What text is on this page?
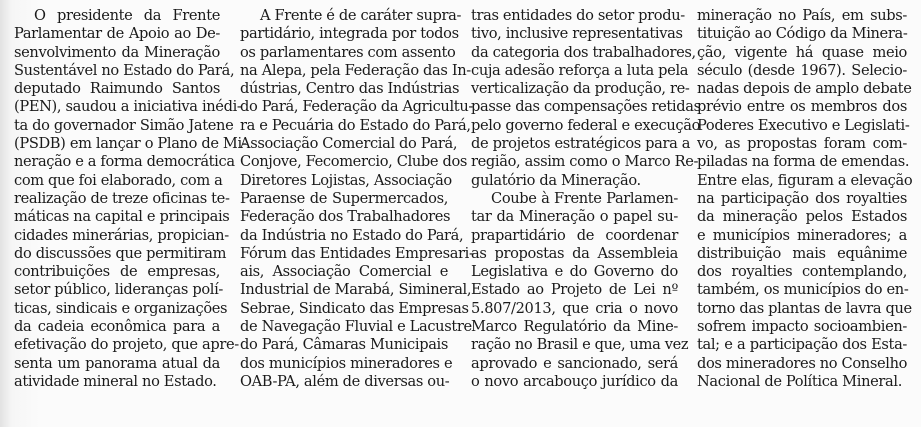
O presidente da Frente
Parlamentar de Apoio ao De-
senvolvimento da Mineração
Sustentável no Estado do Pará,
deputado Raimundo Santos
(PEN), saudou a iniciativa inédi-
ta do governador Simão Jatene
(PSDB) em lançar o Plano de Mi-
neração e a forma democrática
com que foi elaborado, com a
realização de treze oficinas te-
máticas na capital e principais
cidades minerárias, propician-
do discussões que permitiram
contribuições de empresas,
setor público, lideranças polí-
ticas, sindicais e organizações
da cadeia econômica para a
efetivação do projeto, que apre-
senta um panorama atual da
atividade mineral no Estado.
A Frente é de caráter supra-
partidário, integrada por todos
os parlamentares com assento
na Alepa, pela Federação das In-
dústrias, Centro das Indústrias
do Pará, Federação da Agricultu-
ra e Pecuária do Estado do Pará,
Associação Comercial do Pará,
Conjove, Fecomercio, Clube dos
Diretores Lojistas, Associação
Paraense de Supermercados,
Federação dos Trabalhadores
da Indústria no Estado do Pará,
Fórum das Entidades Empresari-
ais, Associação Comercial e
Industrial de Marabá, Simineral,
Sebrae, Sindicato das Empresas
de Navegação Fluvial e Lacustre
do Pará, Câmaras Municipais
dos municípios mineradores e
OAB-PA, além de diversas ou-
tras entidades do setor produ-
tivo, inclusive representativas
da categoria dos trabalhadores,
cuja adesão reforça a luta pela
verticalização da produção, re-
passe das compensações retidas
pelo governo federal e execução
de projetos estratégicos para a
região, assim como o Marco Re-
gulatório da Mineração.
Coube à Frente Parlamen-
tar da Mineração o papel su-
prapartidário de coordenar
as propostas da Assembleia
Legislativa e do Governo do
Estado ao Projeto de Lei nº
5.807/2013, que cria o novo
Marco Regulatório da Mine-
ração no Brasil e que, uma vez
aprovado e sancionado, será
o novo arcabouço jurídico da
mineração no País, em subs-
tituição ao Código da Minera-
ção, vigente há quase meio
século (desde 1967). Selecio-
nadas depois de amplo debate
prévio entre os membros dos
Poderes Executivo e Legislati-
vo, as propostas foram com-
piladas na forma de emendas.
Entre elas, figuram a elevação
na participação dos royalties
da mineração pelos Estados
e municípios mineradores; a
distribuição mais equânime
dos royalties contemplando,
também, os municípios do en-
torno das plantas de lavra que
sofrem impacto socioambien-
tal; e a participação dos Esta-
dos mineradores no Conselho
Nacional de Política Mineral.
